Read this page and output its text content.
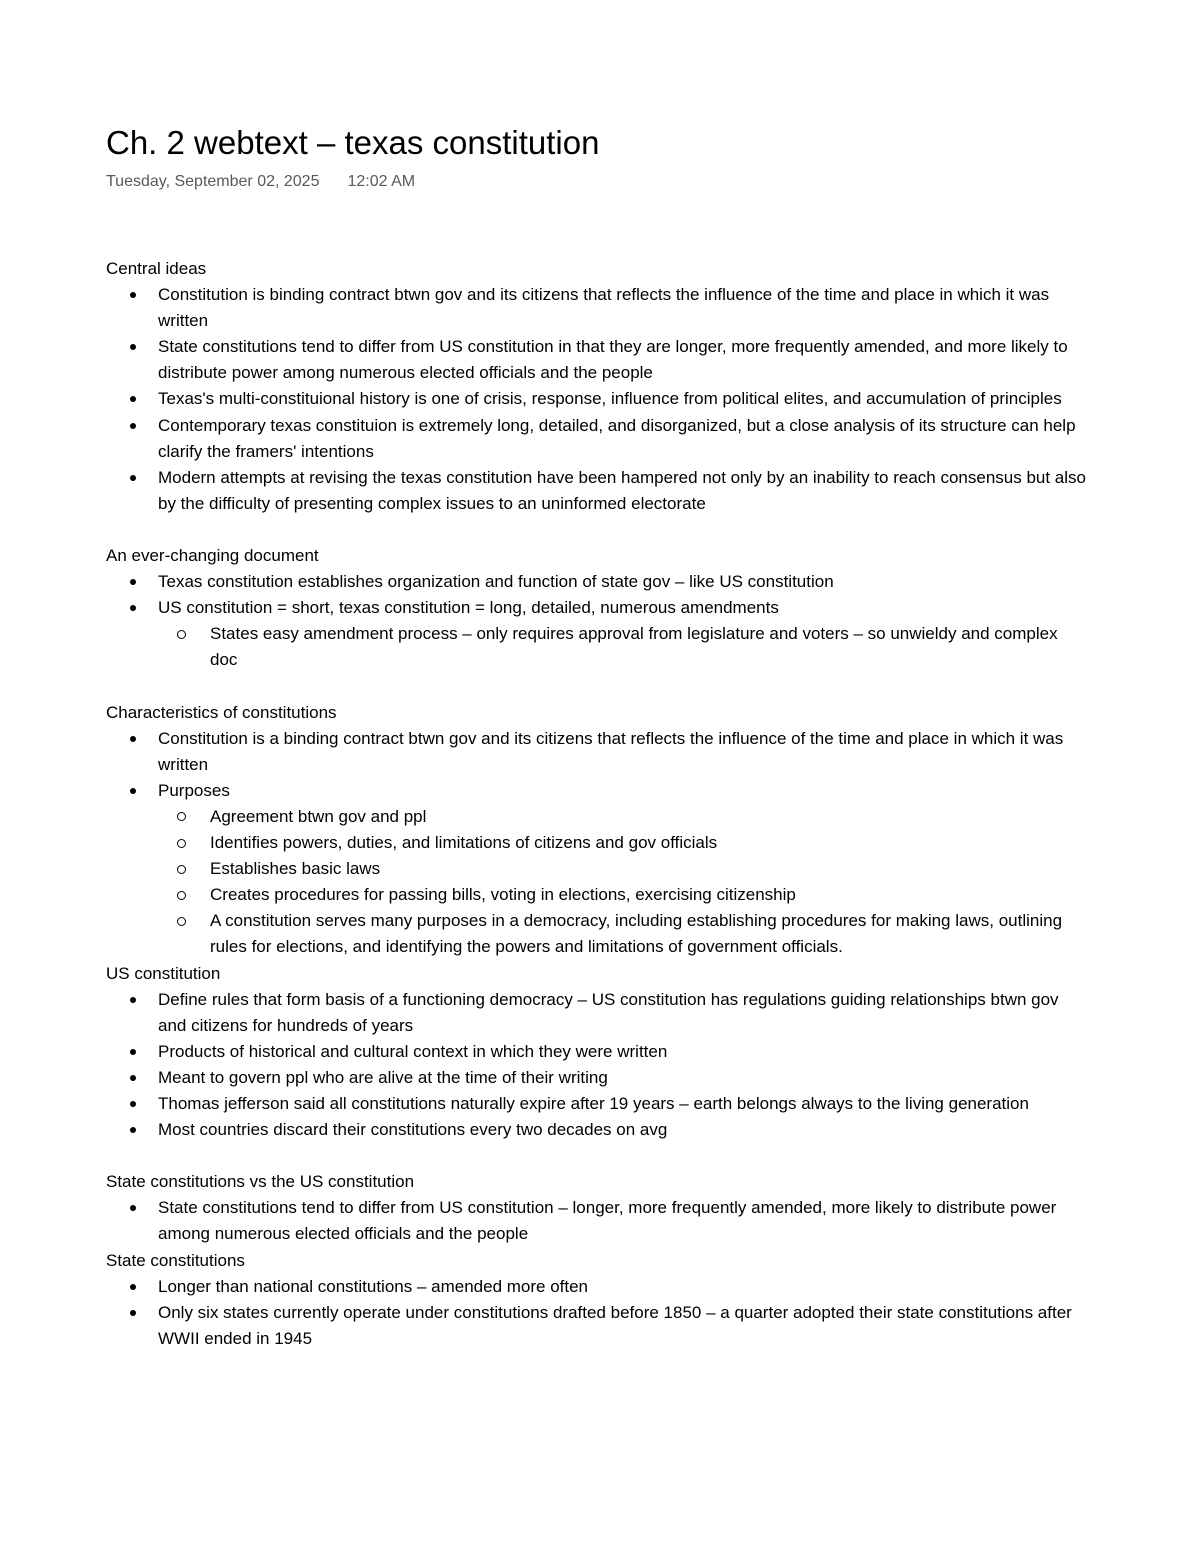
Ch. 2 webtext – texas constitution
Tuesday, September 02, 2025 12:02 AM

Central ideas

Constitution is binding contract btwn gov and its citizens that reflects the influence of the time and place in which it was written
State constitutions tend to differ from US constitution in that they are longer, more frequently amended, and more likely to distribute power among numerous elected officials and the people
Texas's multi-constituional history is one of crisis, response, influence from political elites, and accumulation of principles
Contemporary texas constituion is extremely long, detailed, and disorganized, but a close analysis of its structure can help clarify the framers' intentions
Modern attempts at revising the texas constitution have been hampered not only by an inability to reach consensus but also by the difficulty of presenting complex issues to an uninformed electorate

An ever-changing document

Texas constitution establishes organization and function of state gov – like US constitution
US constitution = short, texas constitution = long, detailed, numerous amendments
States easy amendment process – only requires approval from legislature and voters – so unwieldy and complex doc

Characteristics of constitutions

Constitution is a binding contract btwn gov and its citizens that reflects the influence of the time and place in which it was written
Purposes
Agreement btwn gov and ppl
Identifies powers, duties, and limitations of citizens and gov officials
Establishes basic laws
Creates procedures for passing bills, voting in elections, exercising citizenship
A constitution serves many purposes in a democracy, including establishing procedures for making laws, outlining rules for elections, and identifying the powers and limitations of government officials.

US constitution

Define rules that form basis of a functioning democracy – US constitution has regulations guiding relationships btwn gov and citizens for hundreds of years
Products of historical and cultural context in which they were written
Meant to govern ppl who are alive at the time of their writing
Thomas jefferson said all constitutions naturally expire after 19 years – earth belongs always to the living generation
Most countries discard their constitutions every two decades on avg

State constitutions vs the US constitution

State constitutions tend to differ from US constitution – longer, more frequently amended, more likely to distribute power among numerous elected officials and the people

State constitutions

Longer than national constitutions – amended more often
Only six states currently operate under constitutions drafted before 1850 – a quarter adopted their state constitutions after WWII ended in 1945
